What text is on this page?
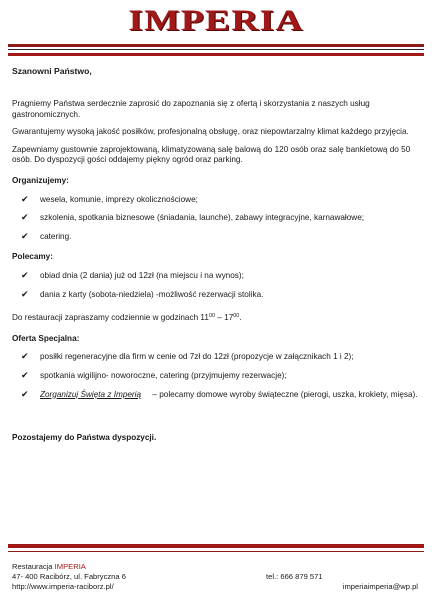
IMPERIA

Szanowni Państwo,

Pragniemy Państwa serdecznie zaprosić do zapoznania się z ofertą i skorzystania z naszych usług gastronomicznych.

Gwarantujemy wysoką jakość posiłków, profesjonalną obsługę, oraz niepowtarzalny klimat każdego przyjęcia.

Zapewniamy gustownie zaprojektowaną, klimatyzowaną salę balową do 120 osób oraz salę bankietową do 50 osób. Do dyspozycji gości oddajemy piękny ogród oraz parking.

Organizujemy:

✔ wesela, komunie, imprezy okolicznościowe;
✔ szkolenia, spotkania biznesowe (śniadania, launche), zabawy integracyjne, karnawałowe;
✔ catering.

Polecamy:

✔ obiad dnia (2 dania) już od 12zł (na miejscu i na wynos);
✔ dania z karty (sobota-niedziela) -możliwość rezerwacji stolika.

Do restauracji zapraszamy codziennie w godzinach $11^{00} - 17^{00}$.

Oferta Specjalna:

✔ posiłki regeneracyjne dla firm w cenie od 7zł do 12zł (propozycje w załącznikach 1 i 2);
✔ spotkania wigilijno- noworoczne, catering (przyjmujemy rezerwacje);
✔ Zorganizuj Święta z Imperią     – polecamy domowe wyroby świąteczne (pierogi, uszka, krokiety, mięsa).

Pozostajemy do Państwa dyspozycji.

Restauracja IMPERIA
47- 400 Racibórz, ul. Fabryczna 6	tel.: 666 879 571
http://www.imperia-raciborz.pl/	imperiaimperia@wp.pl
